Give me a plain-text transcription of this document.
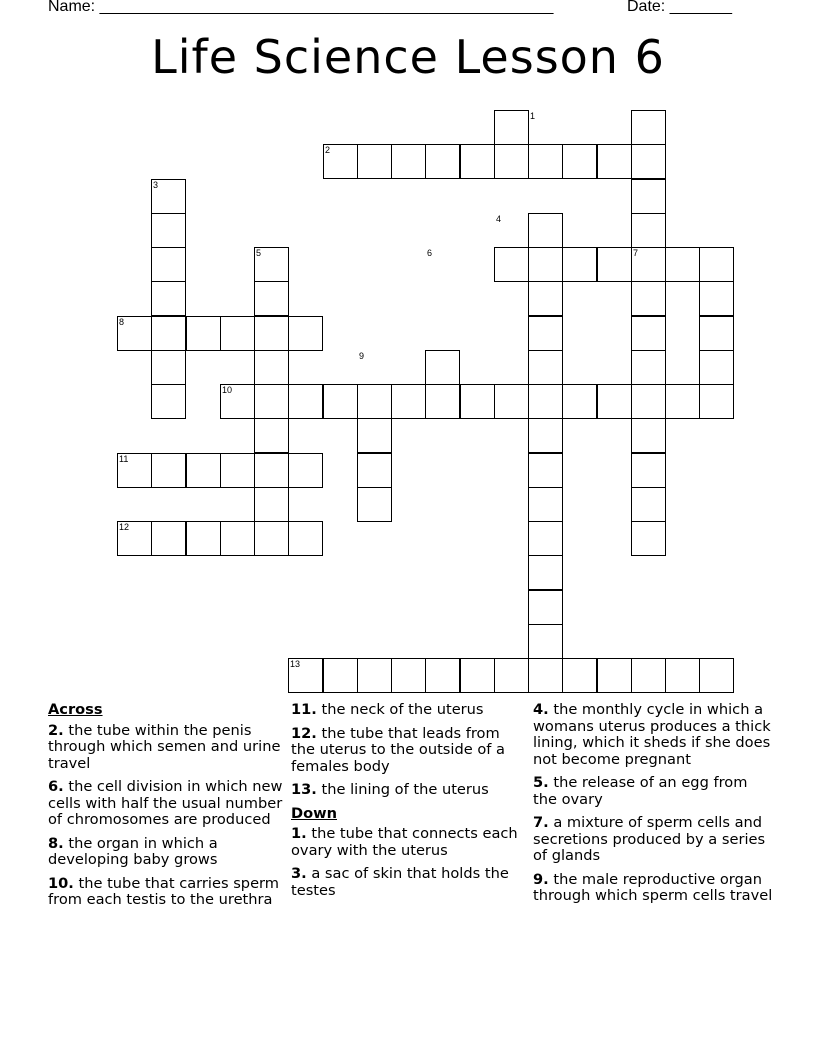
Name: ___________________________________________________	Date: _______
Life Science Lesson 6
1
2
3
4
5	6	7
8
9
10
11
12
13
Across
2. the tube within the penis through which semen and urine travel
6. the cell division in which new cells with half the usual number of chromosomes are produced
8. the organ in which a developing baby grows
10. the tube that carries sperm from each testis to the urethra
11. the neck of the uterus
12. the tube that leads from the uterus to the outside of a females body
13. the lining of the uterus
Down
1. the tube that connects each ovary with the uterus
3. a sac of skin that holds the testes
4. the monthly cycle in which a womans uterus produces a thick lining, which it sheds if she does not become pregnant
5. the release of an egg from the ovary
7. a mixture of sperm cells and secretions produced by a series of glands
9. the male reproductive organ through which sperm cells travel
